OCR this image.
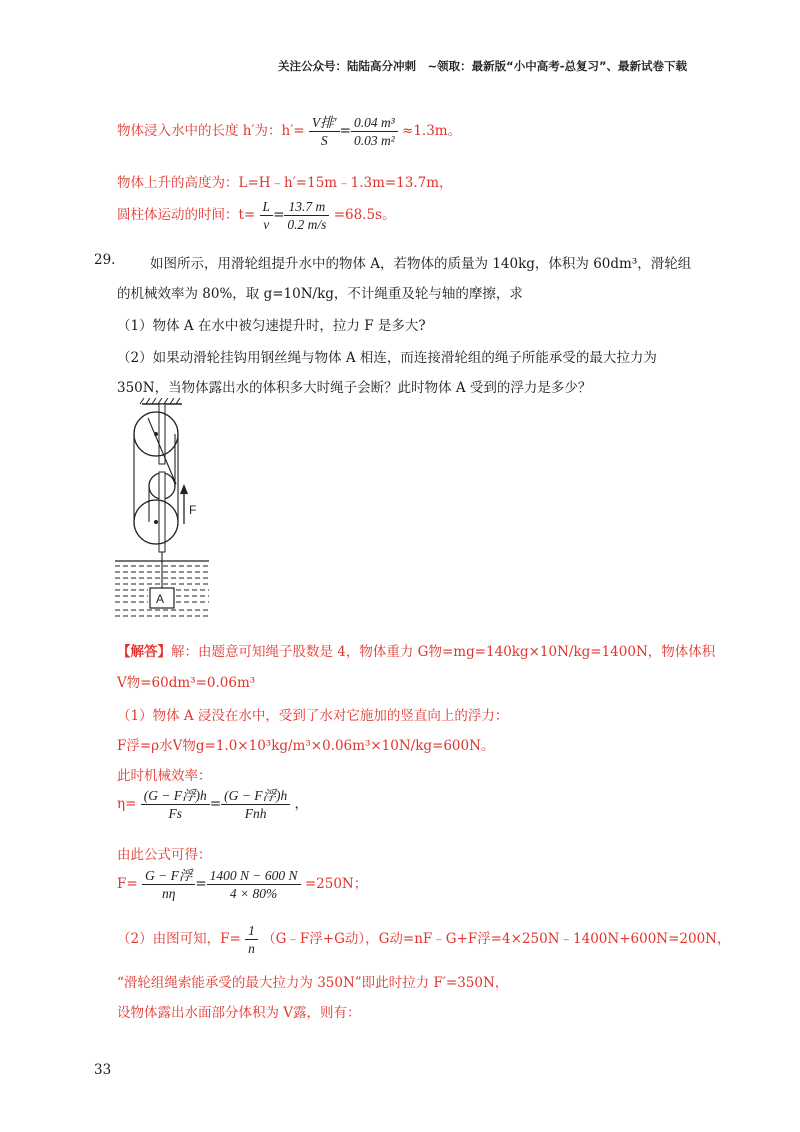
关注公众号：陆陆高分冲刺　~领取：最新版“小中高考-总复习”、最新试卷下载
物体浸入水中的长度 h′为：h′=
V排′
S
= $\frac{\text{0.04 m³}}{\text{0.03 m²}} \approx 1.3m$。
物体上升的高度为：L=H﹣h′=15m﹣1.3m=13.7m，
圆柱体运动的时间：$t= \frac{L}{v} = \frac{13.7 m}{0.2 m/s} =68.5s$。
29.	如图所示，用滑轮组提升水中的物体 A，若物体的质量为 140kg，体积为 60dm³，滑轮组
的机械效率为 80%，取 g=10N/kg，不计绳重及轮与轴的摩擦，求
（1）物体 A 在水中被匀速提升时，拉力 F 是多大?
（2）如果动滑轮挂钩用钢丝绳与物体 A 相连，而连接滑轮组的绳子所能承受的最大拉力为
350N，当物体露出水的体积多大时绳子会断？此时物体 A 受到的浮力是多少？
F
A
【解答】解：由题意可知绳子股数是 4，物体重力 G物=mg=140kg×10N/kg=1400N，物体体积
V物=60dm³=0.06m³
（1）物体 A 浸没在水中，受到了水对它施加的竖直向上的浮力：
F浮=ρ水V物g=1.0×10³kg/m³×0.06m³×10N/kg=600N。
此时机械效率：
η=
(G − F浮)h
Fs
=
(G − F浮)h
Fnh
，
由此公式可得：
F=
G − F浮
nη
= $\frac{1400 N - 600 N}{4 \times 80\%} =250N$；
（2）由图可知，$F= \frac{1}{n}$ （G﹣F浮+G动），G动=nF﹣G+F浮=4×250N﹣1400N+600N=200N，
“滑轮组绳索能承受的最大拉力为 350N”即此时拉力 F′=350N，
设物体露出水面部分体积为 V露，则有：
33
